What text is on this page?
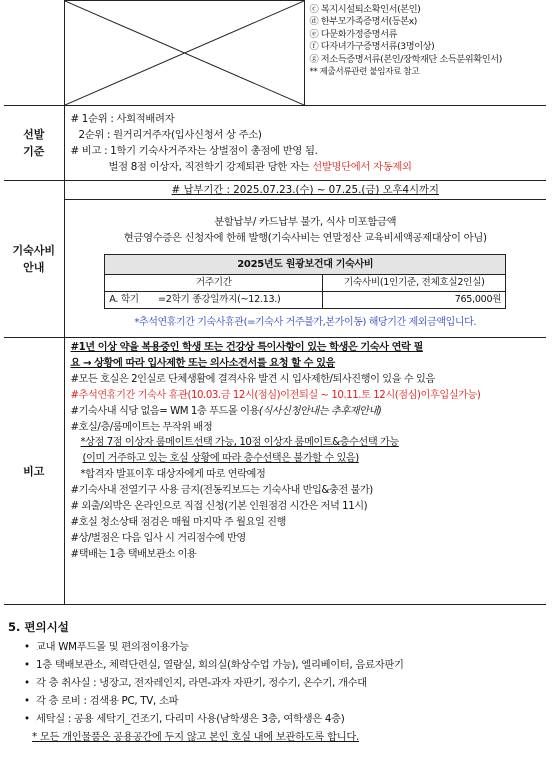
ⓒ 복지시설퇴소확인서(본인)
ⓓ 한부모가족증명서(등본x)
ⓔ 다문화가정증명서류
ⓕ 다자녀가구증명서류(3명이상)
ⓖ 저소득증명서류(본인/장학재단 소득분위확인서)
** 제출서류관련 붙임자료 참고

선발
기준	
# 1순위 : 사회적배려자
2순위 : 원거리거주자(입사신청서 상 주소)
# 비고 : 1학기 기숙사거주자는 상벌점이 총점에 반영 됨.
벌점 8점 이상자, 직전학기 강제퇴관 당한 자는 선발명단에서 자동제외

기숙사비
안내	
# 납부기간 : 2025.07.23.(수) ~ 07.25.(금) 오후4시까지
분할납부/ 카드납부 불가, 식사 미포함금액
현금영수증은 신청자에 한해 발행(기숙사비는 연말정산 교육비세액공제대상이 아님)
2025년도 원광보건대 기숙사비
거주기간	기숙사비(1인기준, 전체호실2인실)
A. 학기 =2학기 종강일까지(~12.13.)	765,000원
*추석연휴기간 기숙사휴관(=기숙사 거주불가,본가이동) 해당기간 제외금액입니다.

비고	
#1년 이상 약을 복용중인 학생 또는 건강상 특이사항이 있는 학생은 기숙사 연락 필
요 → 상황에 따라 입사제한 또는 의사소견서를 요청 할 수 있음
#모든 호실은 2인실로 단체생활에 결격사유 발견 시 입사제한/퇴사진행이 있을 수 있음
#추석연휴기간 기숙사 휴관(10.03.금 12시(점심)이전퇴실 ~ 10.11.토 12시(점심)이후입실가능)
#기숙사내 식당 없음= WM 1층 푸드몰 이용(식사신청안내는 추후재안내)
#호실/층/룸메이트는 무작위 배정
*상점 7점 이상자 룸메이트선택 가능, 10점 이상자 룸메이트&층수선택 가능
(이미 거주하고 있는 호실 상황에 따라 층수선택은 불가할 수 있음)
*합격자 발표이후 대상자에게 따로 연락예정
#기숙사내 전열기구 사용 금지(전동킥보드는 기숙사내 반입&충전 불가)
# 외출/외박은 온라인으로 직접 신청(기본 인원점검 시간은 저녁 11시)
#호실 청소상태 점검은 매월 마지막 주 월요일 진행
#상/벌점은 다음 입사 시 거리점수에 반영
#택배는 1층 택배보관소 이용
5. 편의시설
• 교내 WM푸드몰 및 편의점이용가능
• 1층 택배보관소, 체력단련실, 열람실, 회의실(화상수업 가능), 엘리베이터, 음료자판기
• 각 층 취사실 : 냉장고, 전자레인지, 라면-과자 자판기, 정수기, 온수기, 개수대
• 각 층 로비 : 검색용 PC, TV, 소파
• 세탁실 : 공용 세탁기_건조기, 다리미 사용(남학생은 3층, 여학생은 4층)
* 모든 개인물품은 공용공간에 두지 않고 본인 호실 내에 보관하도록 합니다.
